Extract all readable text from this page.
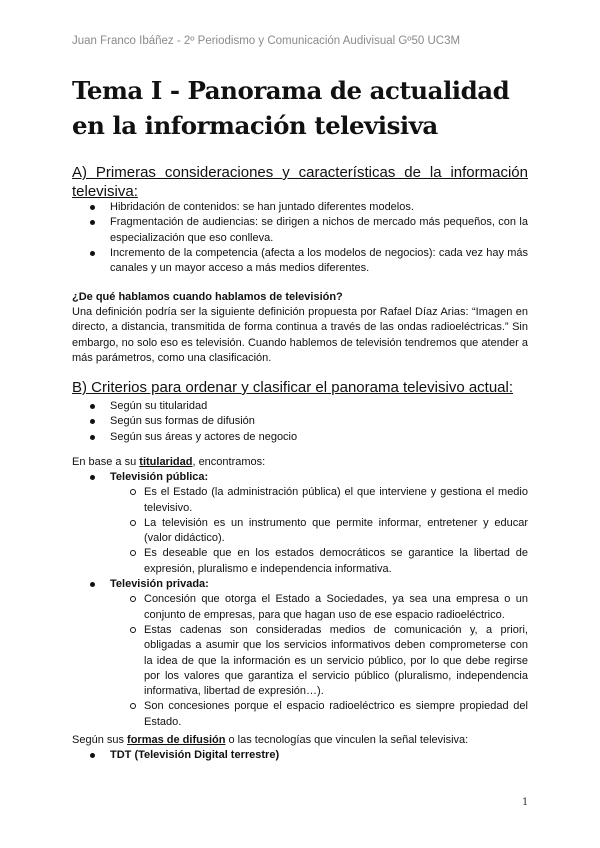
Juan Franco Ibáñez - 2º Periodismo y Comunicación Audivisual Gº50 UC3M
Tema I - Panorama de actualidad en la información televisiva
A) Primeras consideraciones y características de la información televisiva:
Hibridación de contenidos: se han juntado diferentes modelos.
Fragmentación de audiencias: se dirigen a nichos de mercado más pequeños, con la especialización que eso conlleva.
Incremento de la competencia (afecta a los modelos de negocios): cada vez hay más canales y un mayor acceso a más medios diferentes.
¿De qué hablamos cuando hablamos de televisión?

Una definición podría ser la siguiente definición propuesta por Rafael Díaz Arias: “Imagen en directo, a distancia, transmitida de forma continua a través de las ondas radioeléctricas.” Sin embargo, no solo eso es televisión. Cuando hablemos de televisión tendremos que atender a más parámetros, como una clasificación.

B) Criterios para ordenar y clasificar el panorama televisivo actual:
Según su titularidad
Según sus formas de difusión
Según sus áreas y actores de negocio
En base a su titularidad, encontramos:
Televisión pública:
Es el Estado (la administración pública) el que interviene y gestiona el medio televisivo.
La televisión es un instrumento que permite informar, entretener y educar (valor didáctico).
Es deseable que en los estados democráticos se garantice la libertad de expresión, pluralismo e independencia informativa.
Televisión privada:
Concesión que otorga el Estado a Sociedades, ya sea una empresa o un conjunto de empresas, para que hagan uso de ese espacio radioeléctrico.
Estas cadenas son consideradas medios de comunicación y, a priori, obligadas a asumir que los servicios informativos deben comprometerse con la idea de que la información es un servicio público, por lo que debe regirse por los valores que garantiza el servicio público (pluralismo, independencia informativa, libertad de expresión…).
Son concesiones porque el espacio radioeléctrico es siempre propiedad del Estado.
Según sus formas de difusión o las tecnologías que vinculen la señal televisiva:
TDT (Televisión Digital terrestre)
1
